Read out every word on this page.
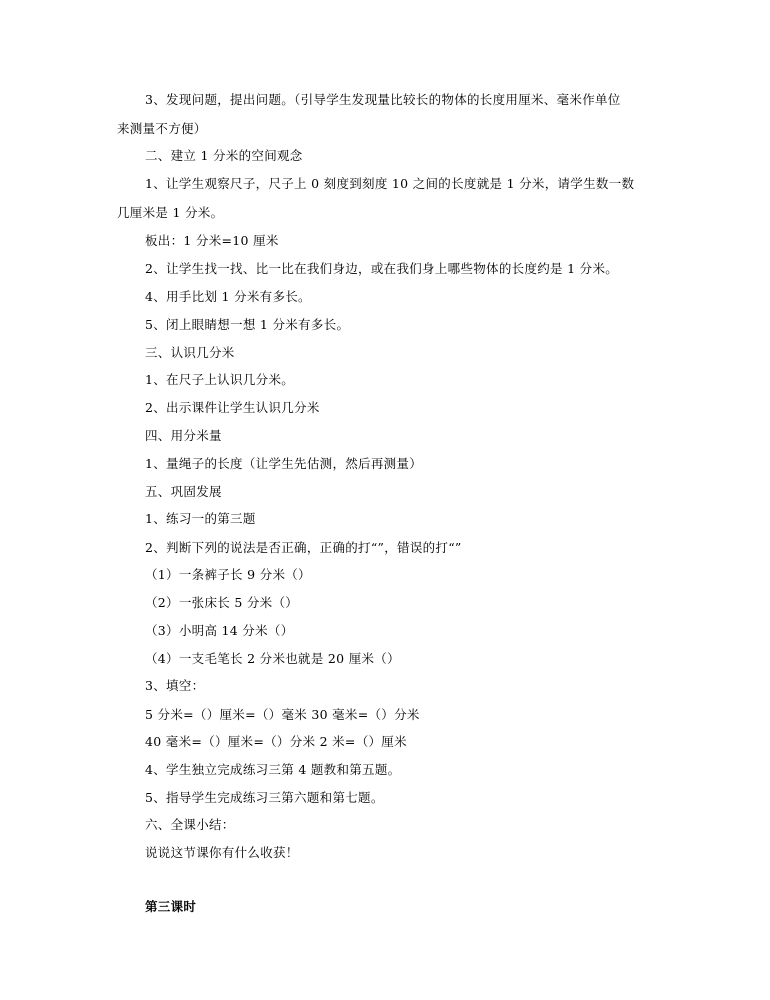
3、发现问题，提出问题。（引导学生发现量比较长的物体的长度用厘米、毫米作单位
来测量不方便）
二、建立 1 分米的空间观念
1、让学生观察尺子，尺子上 0 刻度到刻度 10 之间的长度就是 1 分米，请学生数一数
几厘米是 1 分米。
板出：1 分米=10 厘米
2、让学生找一找、比一比在我们身边，或在我们身上哪些物体的长度约是 1 分米。
4、用手比划 1 分米有多长。
5、闭上眼睛想一想 1 分米有多长。
三、认识几分米
1、在尺子上认识几分米。
2、出示课件让学生认识几分米
四、用分米量
1、量绳子的长度（让学生先估测，然后再测量）
五、巩固发展
1、练习一的第三题
2、判断下列的说法是否正确，正确的打“”，错误的打“”
（1）一条裤子长 9 分米（）
（2）一张床长 5 分米（）
（3）小明高 14 分米（）
（4）一支毛笔长 2 分米也就是 20 厘米（）
3、填空：
5 分米=（）厘米=（）毫米 30 毫米=（）分米
40 毫米=（）厘米=（）分米 2 米=（）厘米
4、学生独立完成练习三第 4 题教和第五题。
5、指导学生完成练习三第六题和第七题。
六、全课小结：
说说这节课你有什么收获！
第三课时
